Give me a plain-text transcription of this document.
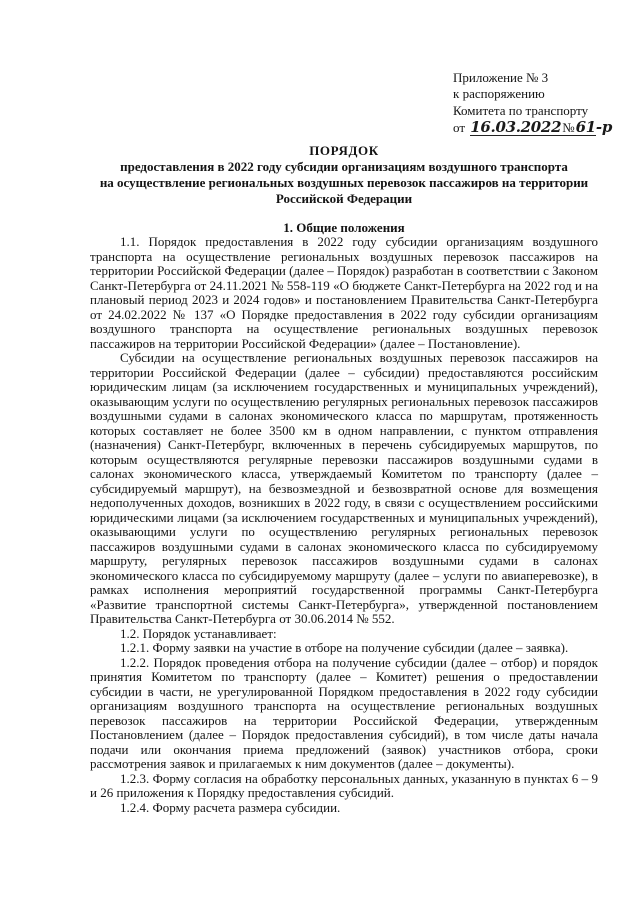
Приложение № 3
к распоряжению
Комитета по транспорту
от 16.03.2022№61-р
ПОРЯДОК
предоставления в 2022 году субсидии организациям воздушного транспорта
на осуществление региональных воздушных перевозок пассажиров на территории
Российской Федерации
1. Общие положения

1.1. Порядок предоставления в 2022 году субсидии организациям воздушного транспорта на осуществление региональных воздушных перевозок пассажиров на территории Российской Федерации (далее – Порядок) разработан в соответствии с Законом Санкт-Петербурга от 24.11.2021 № 558-119 «О бюджете Санкт-Петербурга на 2022 год и на плановый период 2023 и 2024 годов» и постановлением Правительства Санкт-Петербурга от 24.02.2022 № 137 «О Порядке предоставления в 2022 году субсидии организациям воздушного транспорта на осуществление региональных воздушных перевозок пассажиров на территории Российской Федерации» (далее – Постановление).

Субсидии на осуществление региональных воздушных перевозок пассажиров на территории Российской Федерации (далее – субсидии) предоставляются российским юридическим лицам (за исключением государственных и муниципальных учреждений), оказывающим услуги по осуществлению регулярных региональных перевозок пассажиров воздушными судами в салонах экономического класса по маршрутам, протяженность которых составляет не более 3500 км в одном направлении, с пунктом отправления (назначения) Санкт-Петербург, включенных в перечень субсидируемых маршрутов, по которым осуществляются регулярные перевозки пассажиров воздушными судами в салонах экономического класса, утверждаемый Комитетом по транспорту (далее – субсидируемый маршрут), на безвозмездной и безвозвратной основе для возмещения недополученных доходов, возникших в 2022 году, в связи с осуществлением российскими юридическими лицами (за исключением государственных и муниципальных учреждений), оказывающими услуги по осуществлению регулярных региональных перевозок пассажиров воздушными судами в салонах экономического класса по субсидируемому маршруту, регулярных перевозок пассажиров воздушными судами в салонах экономического класса по субсидируемому маршруту (далее – услуги по авиаперевозке), в рамках исполнения мероприятий государственной программы Санкт-Петербурга «Развитие транспортной системы Санкт-Петербурга», утвержденной постановлением Правительства Санкт-Петербурга от 30.06.2014 № 552.

1.2. Порядок устанавливает:

1.2.1. Форму заявки на участие в отборе на получение субсидии (далее – заявка).

1.2.2. Порядок проведения отбора на получение субсидии (далее – отбор) и порядок принятия Комитетом по транспорту (далее – Комитет) решения о предоставлении субсидии в части, не урегулированной Порядком предоставления в 2022 году субсидии организациям воздушного транспорта на осуществление региональных воздушных перевозок пассажиров на территории Российской Федерации, утвержденным Постановлением (далее – Порядок предоставления субсидий), в том числе даты начала подачи или окончания приема предложений (заявок) участников отбора, сроки рассмотрения заявок и прилагаемых к ним документов (далее – документы).

1.2.3. Форму согласия на обработку персональных данных, указанную в пунктах 6 – 9 и 26 приложения к Порядку предоставления субсидий.

1.2.4. Форму расчета размера субсидии.
